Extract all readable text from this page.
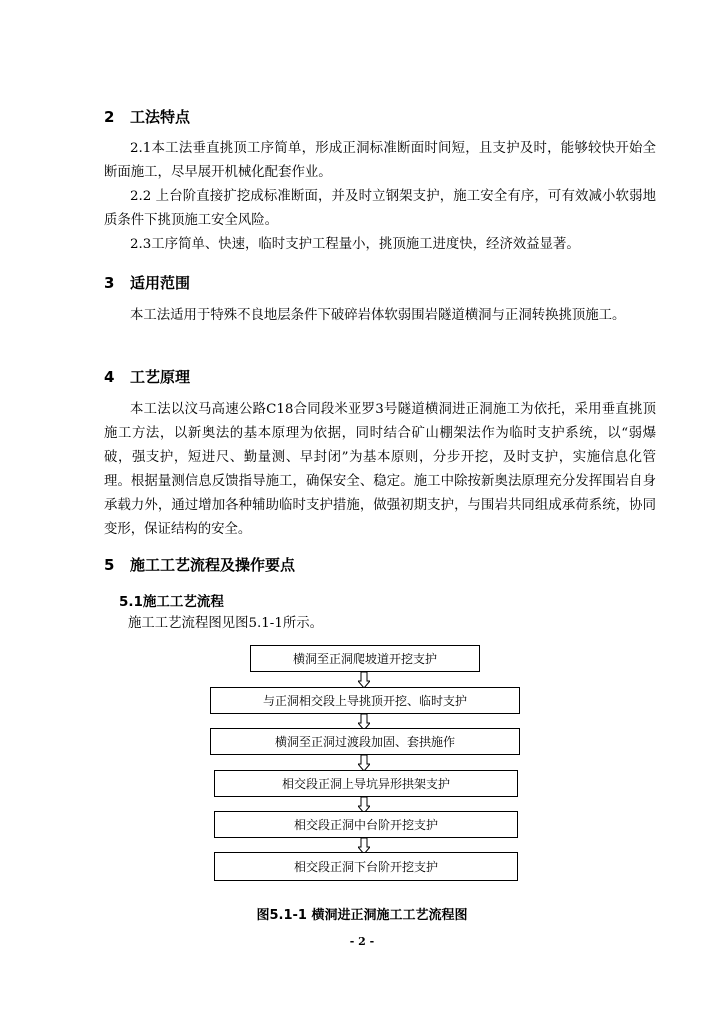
2 工法特点

2.1本工法垂直挑顶工序简单，形成正洞标准断面时间短，且支护及时，能够较快开始全断面施工，尽早展开机械化配套作业。

2.2 上台阶直接扩挖成标准断面，并及时立钢架支护，施工安全有序，可有效减小软弱地质条件下挑顶施工安全风险。

2.3工序简单、快速，临时支护工程量小，挑顶施工进度快，经济效益显著。

3 适用范围

本工法适用于特殊不良地层条件下破碎岩体软弱围岩隧道横洞与正洞转换挑顶施工。

4 工艺原理

本工法以汶马高速公路C18合同段米亚罗3号隧道横洞进正洞施工为依托，采用垂直挑顶施工方法，以新奥法的基本原理为依据，同时结合矿山棚架法作为临时支护系统，以“弱爆破，强支护，短进尺、勤量测、早封闭”为基本原则，分步开挖，及时支护，实施信息化管理。根据量测信息反馈指导施工，确保安全、稳定。施工中除按新奥法原理充分发挥围岩自身承载力外，通过增加各种辅助临时支护措施，做强初期支护，与围岩共同组成承荷系统，协同变形，保证结构的安全。

5 施工工艺流程及操作要点
5.1施工工艺流程
施工工艺流程图见图5.1-1所示。
横洞至正洞爬坡道开挖支护
与正洞相交段上导挑顶开挖、临时支护
横洞至正洞过渡段加固、套拱施作
相交段正洞上导坑异形拱架支护
相交段正洞中台阶开挖支护
相交段正洞下台阶开挖支护
图5.1-1 横洞进正洞施工工艺流程图
- 2 -
